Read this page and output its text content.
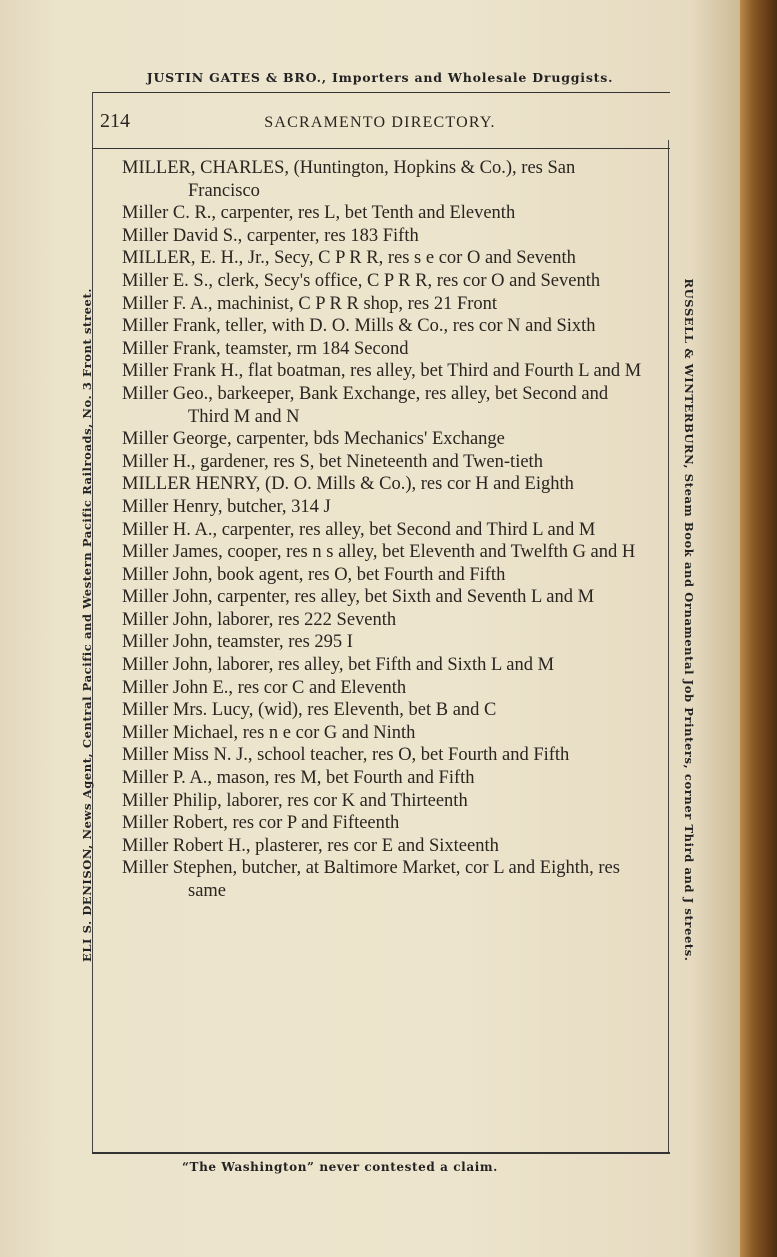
JUSTIN GATES & BRO., Importers and Wholesale Druggists.
214	SACRAMENTO DIRECTORY.
ELI S. DENISON, News Agent, Central Pacific and Western Pacific Railroads, No. 3 Front street.	RUSSELL & WINTERBURN, Steam Book and Ornamental Job Printers, corner Third and J streets.
MILLER, CHARLES, (Huntington, Hopkins & Co.), res San Francisco
Miller C. R., carpenter, res L, bet Tenth and Eleventh
Miller David S., carpenter, res 183 Fifth
MILLER, E. H., Jr., Secy, C P R R, res s e cor O and Seventh
Miller E. S., clerk, Secy's office, C P R R, res cor O and Seventh
Miller F. A., machinist, C P R R shop, res 21 Front
Miller Frank, teller, with D. O. Mills & Co., res cor N and Sixth
Miller Frank, teamster, rm 184 Second
Miller Frank H., flat boatman, res alley, bet Third and Fourth L and M
Miller Geo., barkeeper, Bank Exchange, res alley, bet Second and Third M and N
Miller George, carpenter, bds Mechanics' Exchange
Miller H., gardener, res S, bet Nineteenth and Twen-tieth
MILLER HENRY, (D. O. Mills & Co.), res cor H and Eighth
Miller Henry, butcher, 314 J
Miller H. A., carpenter, res alley, bet Second and Third L and M
Miller James, cooper, res n s alley, bet Eleventh and Twelfth G and H
Miller John, book agent, res O, bet Fourth and Fifth
Miller John, carpenter, res alley, bet Sixth and Seventh L and M
Miller John, laborer, res 222 Seventh
Miller John, teamster, res 295 I
Miller John, laborer, res alley, bet Fifth and Sixth L and M
Miller John E., res cor C and Eleventh
Miller Mrs. Lucy, (wid), res Eleventh, bet B and C
Miller Michael, res n e cor G and Ninth
Miller Miss N. J., school teacher, res O, bet Fourth and Fifth
Miller P. A., mason, res M, bet Fourth and Fifth
Miller Philip, laborer, res cor K and Thirteenth
Miller Robert, res cor P and Fifteenth
Miller Robert H., plasterer, res cor E and Sixteenth
Miller Stephen, butcher, at Baltimore Market, cor L and Eighth, res same
“The Washington” never contested a claim.
